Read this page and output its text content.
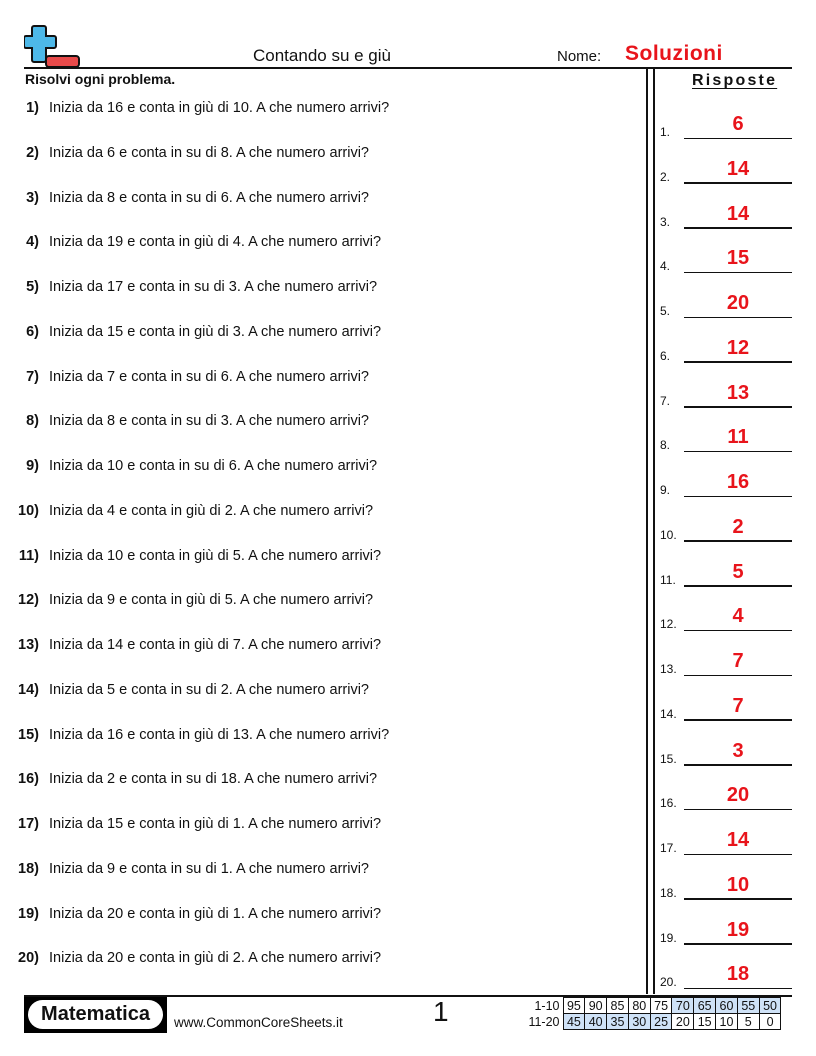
Contando su e giù	Nome: Soluzioni
Risolvi ogni problema.	Risposte
1) Inizia da 16 e conta in giù di 10. A che numero arrivi?
2) Inizia da 6 e conta in su di 8. A che numero arrivi?
3) Inizia da 8 e conta in su di 6. A che numero arrivi?
4) Inizia da 19 e conta in giù di 4. A che numero arrivi?
5) Inizia da 17 e conta in su di 3. A che numero arrivi?
6) Inizia da 15 e conta in giù di 3. A che numero arrivi?
7) Inizia da 7 e conta in su di 6. A che numero arrivi?
8) Inizia da 8 e conta in su di 3. A che numero arrivi?
9) Inizia da 10 e conta in su di 6. A che numero arrivi?
10) Inizia da 4 e conta in giù di 2. A che numero arrivi?
11) Inizia da 10 e conta in giù di 5. A che numero arrivi?
12) Inizia da 9 e conta in giù di 5. A che numero arrivi?
13) Inizia da 14 e conta in giù di 7. A che numero arrivi?
14) Inizia da 5 e conta in su di 2. A che numero arrivi?
15) Inizia da 16 e conta in giù di 13. A che numero arrivi?
16) Inizia da 2 e conta in su di 18. A che numero arrivi?
17) Inizia da 15 e conta in giù di 1. A che numero arrivi?
18) Inizia da 9 e conta in su di 1. A che numero arrivi?
19) Inizia da 20 e conta in giù di 1. A che numero arrivi?
20) Inizia da 20 e conta in giù di 2. A che numero arrivi?
1.	6
2.	14
3.	14
4.	15
5.	20
6.	12
7.	13
8.	11
9.	16
10.	2
11.	5
12.	4
13.	7
14.	7
15.	3
16.	20
17.	14
18.	10
19.	19
20.	18
Matematica	www.CommonCoreSheets.it	1	1-10	95	90	85	80	75	70	65	60	55	50
11-20	45	40	35	30	25	20	15	10	5	0
